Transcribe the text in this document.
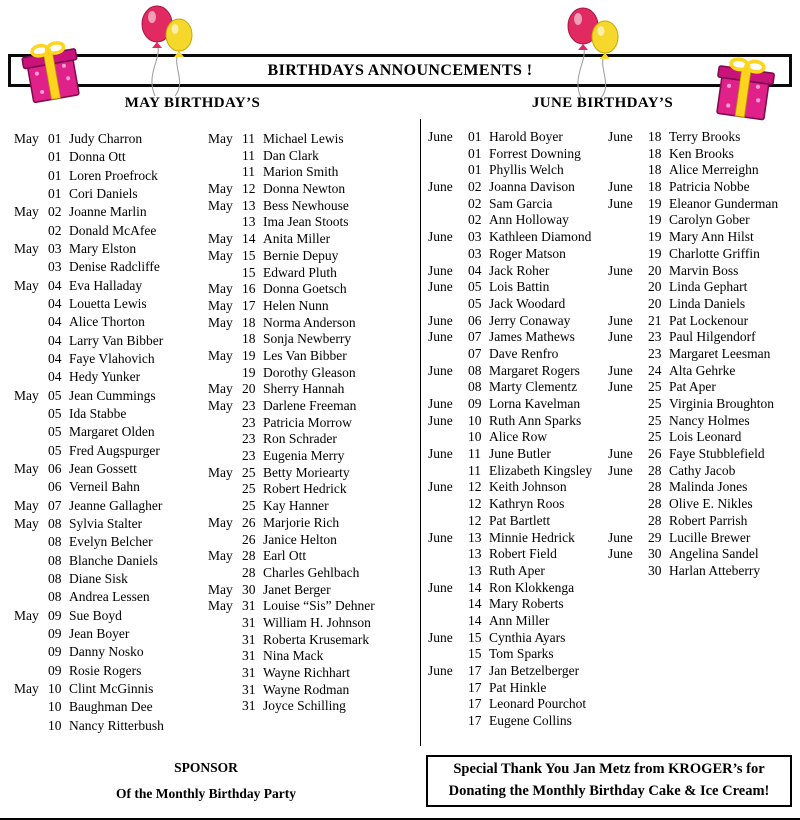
BIRTHDAYS ANNOUNCEMENTS !
MAY BIRTHDAY’S	JUNE BIRTHDAY’S
May 01 Judy Charron
01 Donna Ott
01 Loren Proefrock
01 Cori Daniels
May 02 Joanne Marlin
02 Donald McAfee
May 03 Mary Elston
03 Denise Radcliffe
May 04 Eva Halladay
04 Louetta Lewis
04 Alice Thorton
04 Larry Van Bibber
04 Faye Vlahovich
04 Hedy Yunker
May 05 Jean Cummings
05 Ida Stabbe
05 Margaret Olden
05 Fred Augspurger
May 06 Jean Gossett
06 Verneil Bahn
May 07 Jeanne Gallagher
May 08 Sylvia Stalter
08 Evelyn Belcher
08 Blanche Daniels
08 Diane Sisk
08 Andrea Lessen
May 09 Sue Boyd
09 Jean Boyer
09 Danny Nosko
09 Rosie Rogers
May 10 Clint McGinnis
10 Baughman Dee
10 Nancy Ritterbush
May 11 Michael Lewis
11 Dan Clark
11 Marion Smith
May 12 Donna Newton
May 13 Bess Newhouse
13 Ima Jean Stoots
May 14 Anita Miller
May 15 Bernie Depuy
15 Edward Pluth
May 16 Donna Goetsch
May 17 Helen Nunn
May 18 Norma Anderson
18 Sonja Newberry
May 19 Les Van Bibber
19 Dorothy Gleason
May 20 Sherry Hannah
May 23 Darlene Freeman
23 Patricia Morrow
23 Ron Schrader
23 Eugenia Merry
May 25 Betty Moriearty
25 Robert Hedrick
25 Kay Hanner
May 26 Marjorie Rich
26 Janice Helton
May 28 Earl Ott
28 Charles Gehlbach
May 30 Janet Berger
May 31 Louise “Sis” Dehner
31 William H. Johnson
31 Roberta Krusemark
31 Nina Mack
31 Wayne Richhart
31 Wayne Rodman
31 Joyce Schilling
June	01 Harold Boyer
01 Forrest Downing
01 Phyllis Welch
June	02 Joanna Davison
02 Sam Garcia
02 Ann Holloway
June	03 Kathleen Diamond
03 Roger Matson
June	04 Jack Roher
June	05 Lois Battin
05 Jack Woodard
June	06 Jerry Conaway
June	07 James Mathews
07 Dave Renfro
June	08 Margaret Rogers
08 Marty Clementz
June	09 Lorna Kavelman
June	10 Ruth Ann Sparks
10 Alice Row
June	11 June Butler
11 Elizabeth Kingsley
June	12 Keith Johnson
12 Kathryn Roos
12 Pat Bartlett
June	13 Minnie Hedrick
13 Robert Field
13 Ruth Aper
June	14 Ron Klokkenga
14 Mary Roberts
14 Ann Miller
June	15 Cynthia Ayars
15 Tom Sparks
June	17 Jan Betzelberger
17 Pat Hinkle
17 Leonard Pourchot
17 Eugene Collins
June	18 Terry Brooks
18 Ken Brooks
18 Alice Merreighn
June	18 Patricia Nobbe
June	19 Eleanor Gunderman
19 Carolyn Gober
19 Mary Ann Hilst
19 Charlotte Griffin
June	20 Marvin Boss
20 Linda Gephart
20 Linda Daniels
June	21 Pat Lockenour
June	23 Paul Hilgendorf
23 Margaret Leesman
June	24 Alta Gehrke
June	25 Pat Aper
25 Virginia Broughton
25 Nancy Holmes
25 Lois Leonard
June	26 Faye Stubblefield
June	28 Cathy Jacob
28 Malinda Jones
28 Olive E. Nikles
28 Robert Parrish
June	29 Lucille Brewer
June	30 Angelina Sandel
30 Harlan Atteberry
SPONSOR
Of the Monthly Birthday Party
Special Thank You Jan Metz from KROGER’s for
Donating the Monthly Birthday Cake & Ice Cream!
